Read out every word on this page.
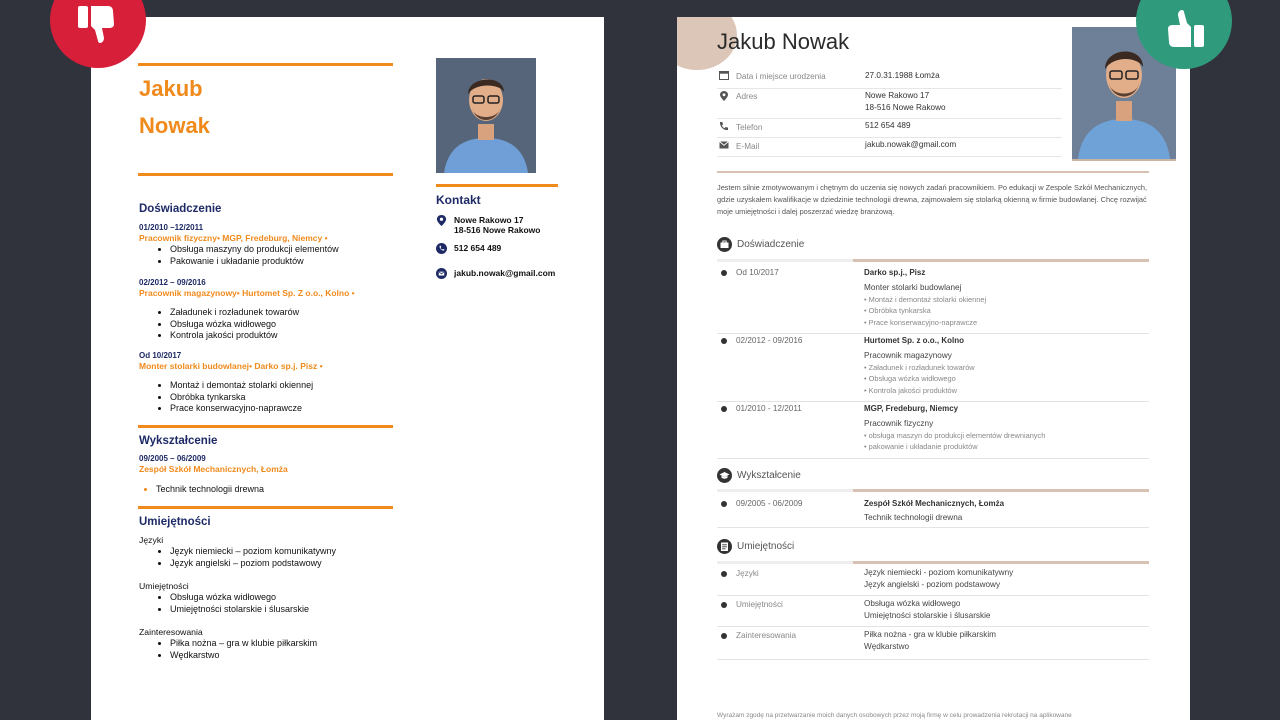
Jakub
Nowak
Kontakt
Nowe Rakowo 17
18-516 Nowe Rakowo
512 654 489
jakub.nowak@gmail.com
Doświadczenie
01/2010 –12/2011
Pracownik fizyczny• MGP, Fredeburg, Niemcy •
• Obsługa maszyny do produkcji elementów
• Pakowanie i układanie produktów
02/2012 – 09/2016
Pracownik magazynowy• Hurtomet Sp. Z o.o., Kolno •
• Załadunek i rozładunek towarów
• Obsługa wózka widłowego
• Kontrola jakości produktów
Od 10/2017
Monter stolarki budowlanej• Darko sp.j. Pisz •
• Montaż i demontaż stolarki okiennej
• Obróbka tynkarska
• Prace konserwacyjno-naprawcze
Wykształcenie
09/2005 – 06/2009
Zespół Szkół Mechanicznych, Łomża
• Technik technologii drewna
Umiejętności
Języki
• Język niemiecki – poziom komunikatywny
• Język angielski – poziom podstawowy
Umiejętności
• Obsługa wózka widłowego
• Umiejętności stolarskie i ślusarskie
Zainteresowania
• Piłka nożna – gra w klubie piłkarskim
• Wędkarstwo
Jakub Nowak
Data i miejsce urodzenia	27.0.31.1988 Łomża
Adres	Nowe Rakowo 17
18-516 Nowe Rakowo
Telefon	512 654 489
E-Mail	jakub.nowak@gmail.com
Jestem silnie zmotywowanym i chętnym do uczenia się nowych zadań pracownikiem. Po edukacji w Zespole Szkół Mechanicznych, gdzie uzyskałem kwalifikacje w dziedzinie technologii drewna, zajmowałem się stolarką okienną w firmie budowlanej. Chcę rozwijać moje umiejętności i dalej poszerzać wiedzę branżową.
Doświadczenie
Od 10/2017	Darko sp.j., Pisz
Monter stolarki budowlanej
• Montaż i demontaż stolarki okiennej
• Obróbka tynkarska
• Prace konserwacyjno-naprawcze
02/2012 - 09/2016	Hurtomet Sp. z o.o., Kolno
Pracownik magazynowy
• Załadunek i rozładunek towarów
• Obsługa wózka widłowego
• Kontrola jakości produktów
01/2010 - 12/2011	MGP, Fredeburg, Niemcy
Pracownik fizyczny
• obsługa maszyn do produkcji elementów drewnianych
• pakowanie i układanie produktów
Wykształcenie
09/2005 - 06/2009	Zespół Szkół Mechanicznych, Łomża
Technik technologii drewna
Umiejętności
Języki	Język niemiecki - poziom komunikatywny
Język angielski - poziom podstawowy
Umiejętności	Obsługa wózka widłowego
Umiejętności stolarskie i ślusarskie
Zainteresowania	Piłka nożna - gra w klubie piłkarskim
Wędkarstwo
Wyrażam zgodę na przetwarzanie moich danych osobowych przez moją firmę w celu prowadzenia rekrutacji na aplikowane
